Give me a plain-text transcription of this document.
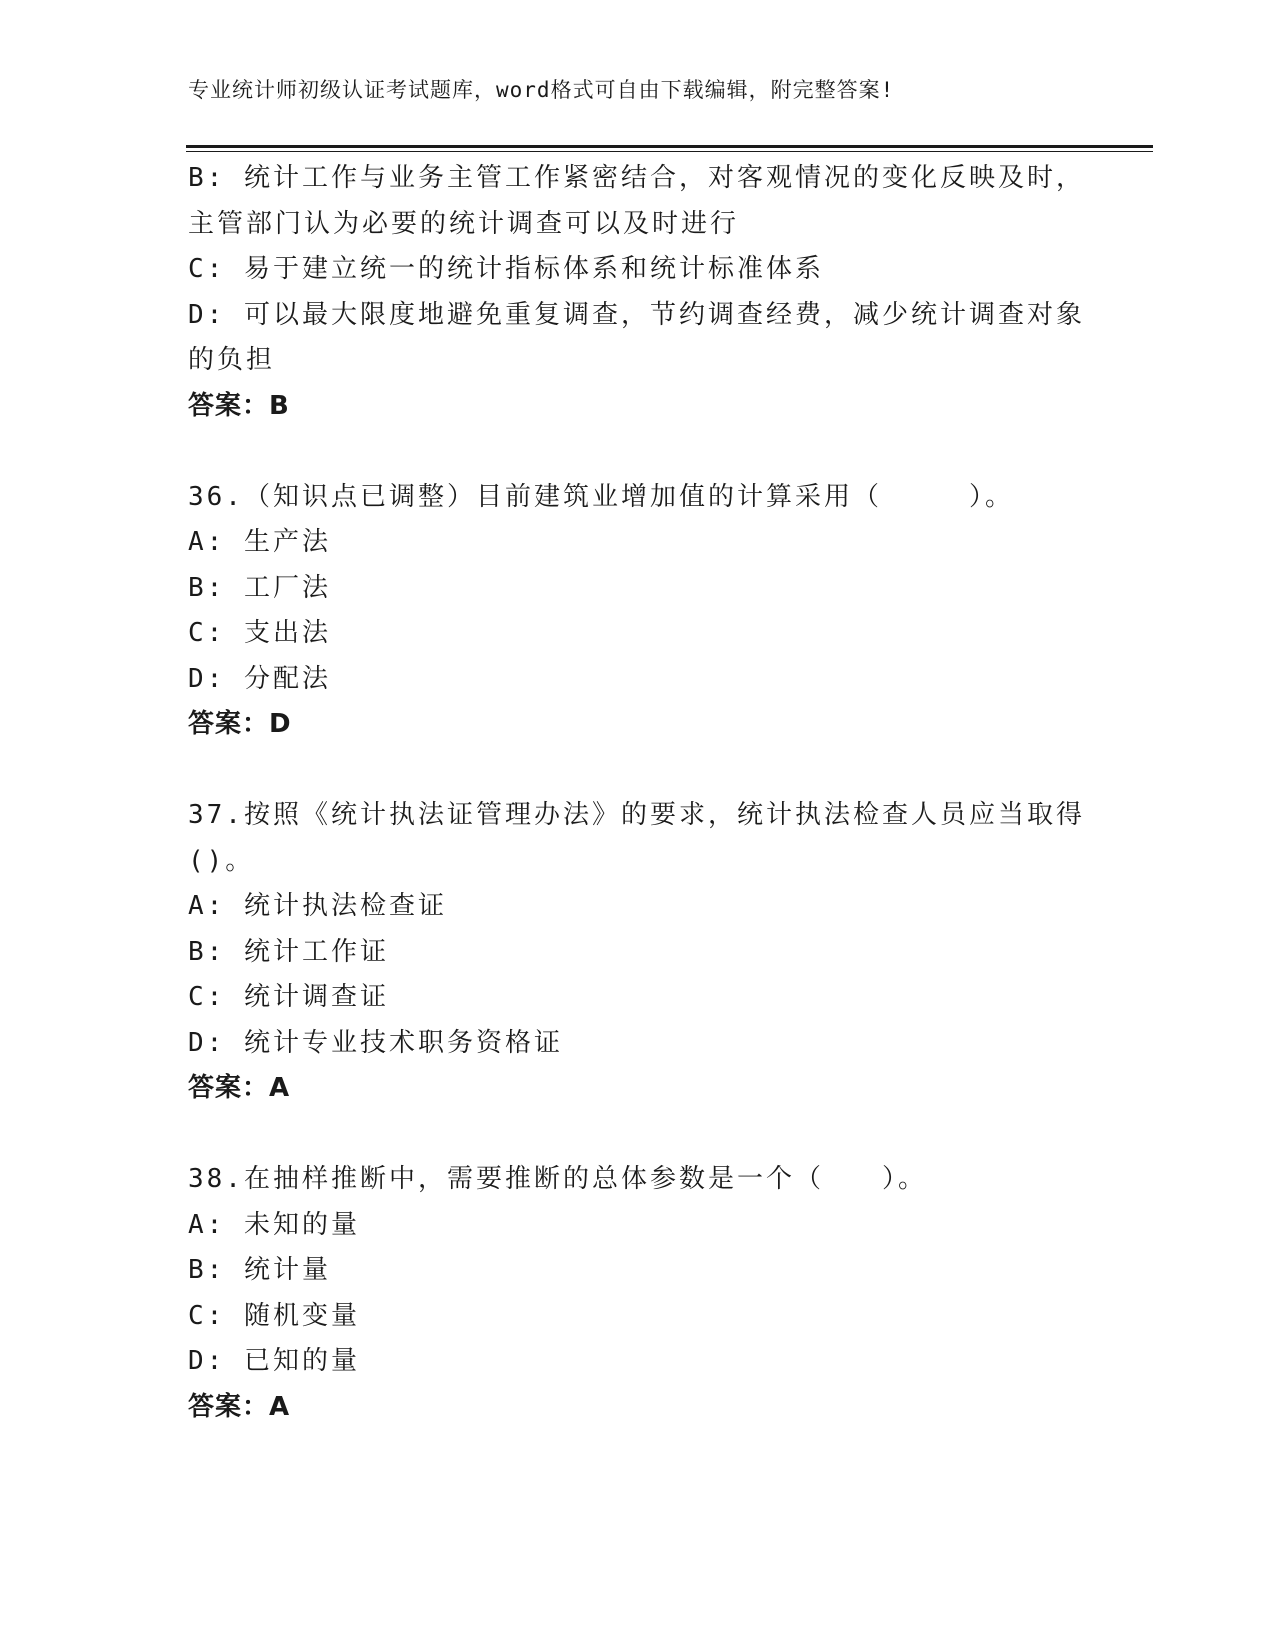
专业统计师初级认证考试题库，word格式可自由下载编辑，附完整答案!
B: 统计工作与业务主管工作紧密结合，对客观情况的变化反映及时，
主管部门认为必要的统计调查可以及时进行
C: 易于建立统一的统计指标体系和统计标准体系
D: 可以最大限度地避免重复调查，节约调查经费，减少统计调查对象
的负担
答案：B
36.（知识点已调整）目前建筑业增加值的计算采用（　　　）。
A: 生产法
B: 工厂法
C: 支出法
D: 分配法
答案：D
37.按照《统计执法证管理办法》的要求，统计执法检查人员应当取得
()。
A: 统计执法检查证
B: 统计工作证
C: 统计调查证
D: 统计专业技术职务资格证
答案：A
38.在抽样推断中，需要推断的总体参数是一个（　　）。
A: 未知的量
B: 统计量
C: 随机变量
D: 已知的量
答案：A
